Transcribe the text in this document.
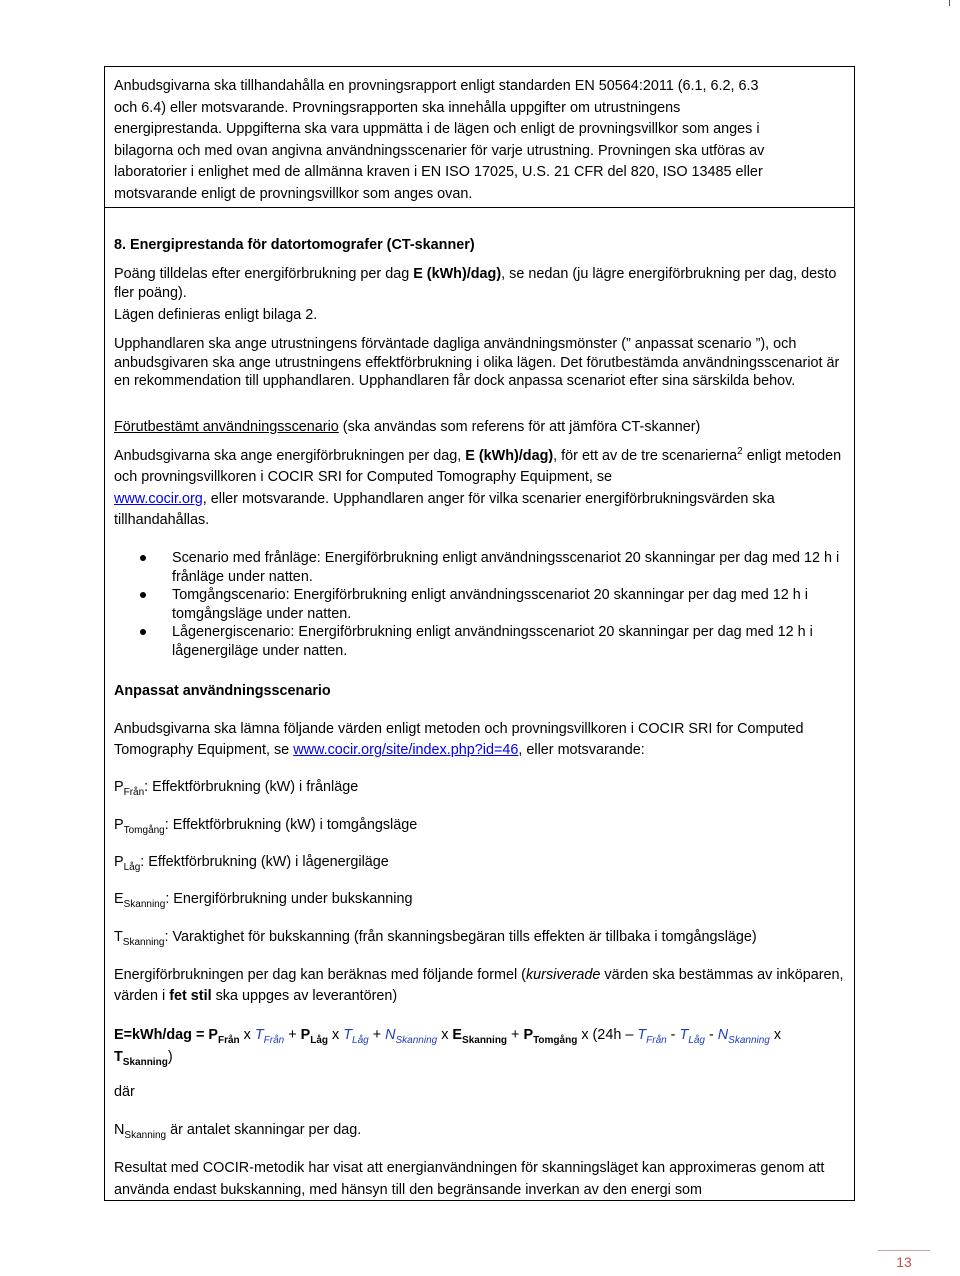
Anbudsgivarna ska tillhandahålla en provningsrapport enligt standarden EN 50564:2011 (6.1, 6.2, 6.3

och 6.4) eller motsvarande. Provningsrapporten ska innehålla uppgifter om utrustningens

energiprestanda. Uppgifterna ska vara uppmätta i de lägen och enligt de provningsvillkor som anges i

bilagorna och med ovan angivna användningsscenarier för varje utrustning. Provningen ska utföras av

laboratorier i enlighet med de allmänna kraven i EN ISO 17025, U.S. 21 CFR del 820, ISO 13485 eller

motsvarande enligt de provningsvillkor som anges ovan.

8. Energiprestanda för datortomografer (CT-skanner)

Poäng tilldelas efter energiförbrukning per dag E (kWh)/dag), se nedan (ju lägre energiförbrukning per dag, desto fler poäng).

Lägen definieras enligt bilaga 2.

Upphandlaren ska ange utrustningens förväntade dagliga användningsmönster (” anpassat scenario ”), och anbudsgivaren ska ange utrustningens effektförbrukning i olika lägen. Det förutbestämda användningsscenariot är en rekommendation till upphandlaren. Upphandlaren får dock anpassa scenariot efter sina särskilda behov.

Förutbestämt användningsscenario (ska användas som referens för att jämföra CT-skanner)

Anbudsgivarna ska ange energiförbrukningen per dag, E (kWh)/dag), för ett av de tre scenarierna$^2$ enligt metoden och provningsvillkoren i COCIR SRI for Computed Tomography Equipment, se
www.cocir.org, eller motsvarande. Upphandlaren anger för vilka scenarier energiförbrukningsvärden ska tillhandahållas.

Scenario med frånläge: Energiförbrukning enligt användningsscenariot 20 skanningar per dag med 12 h i frånläge under natten.
Tomgångscenario: Energiförbrukning enligt användningsscenariot 20 skanningar per dag med 12 h i tomgångsläge under natten.
Lågenergiscenario: Energiförbrukning enligt användningsscenariot 20 skanningar per dag med 12 h i lågenergiläge under natten.

Anpassat användningsscenario

Anbudsgivarna ska lämna följande värden enligt metoden och provningsvillkoren i COCIR SRI for Computed Tomography Equipment, se www.cocir.org/site/index.php?id=46, eller motsvarande:

$P_{Från}$: Effektförbrukning (kW) i frånläge

$P_{Tomgång}$: Effektförbrukning (kW) i tomgångsläge

$P_{Låg}$: Effektförbrukning (kW) i lågenergiläge

$E_{Skanning}$: Energiförbrukning under bukskanning

$T_{Skanning}$: Varaktighet för bukskanning (från skanningsbegäran tills effekten är tillbaka i tomgångsläge)

Energiförbrukningen per dag kan beräknas med följande formel (kursiverade värden ska bestämmas av inköparen, värden i fet stil ska uppges av leverantören)

$E=kWh/dag = P_{Från}$ x $T_{Från} + P_{Låg}$ x $T_{Låg} + N_{Skanning}$ x $E_{Skanning} + P_{Tomgång}$ x ($24h - T_{Från} - T_{Låg} - N_{Skanning}$ x
$T_{Skanning}$)

där

$N_{Skanning}$ är antalet skanningar per dag.

Resultat med COCIR-metodik har visat att energianvändningen för skanningsläget kan approximeras genom att använda endast bukskanning, med hänsyn till den begränsande inverkan av den energi som

13
